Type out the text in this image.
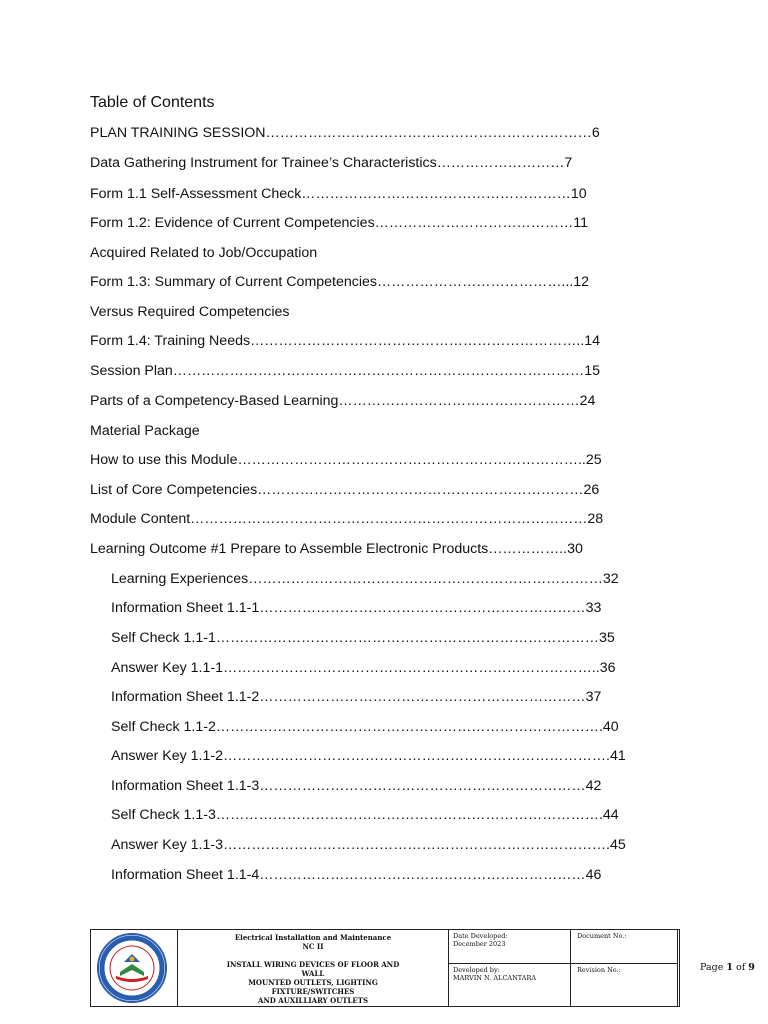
Table of Contents
PLAN TRAINING SESSION……………………………………………………………6
Data Gathering Instrument for Trainee’s Characteristics………………………7
Form 1.1 Self-Assessment Check…………………………………………………10
Form 1.2: Evidence of Current Competencies……………………………………11
Acquired Related to Job/Occupation
Form 1.3: Summary of Current Competencies…………………………………...12
Versus Required Competencies
Form 1.4: Training Needs……………………………………………………………..14
Session Plan……………………………………………………………………………15
Parts of a Competency-Based Learning……………………………………………24
Material Package
How to use this Module………………………………………………………………..25
List of Core Competencies……………………………………………………………26
Module Content…………………………………………………………………………28
Learning Outcome #1 Prepare to Assemble Electronic Products……………..30
Learning Experiences…………………………………………………………………32
Information Sheet 1.1-1……………………………………………………………33
Self Check 1.1-1………………………………………………………………………35
Answer Key 1.1-1……………………………………………………………………..36
Information Sheet 1.1-2……………………………………………………………37
Self Check 1.1-2……………………………………………………………………….40
Answer Key 1.1-2……………………………………………………………………….41
Information Sheet 1.1-3……………………………………………………………42
Self Check 1.1-3……………………………………………………………………….44
Answer Key 1.1-3……………………………………………………………………….45
Information Sheet 1.1-4……………………………………………………………46
Electrical Installation and Maintenance
NC II
INSTALL WIRING DEVICES OF FLOOR AND
WALL
MOUNTED OUTLETS, LIGHTING
FIXTURE/SWITCHES
AND AUXILLIARY OUTLETS
Date Developed:
December 2023
Developed by:
MARVIN N. ALCANTARA
Document No.:
Revision No.:	Page 1 of 9
